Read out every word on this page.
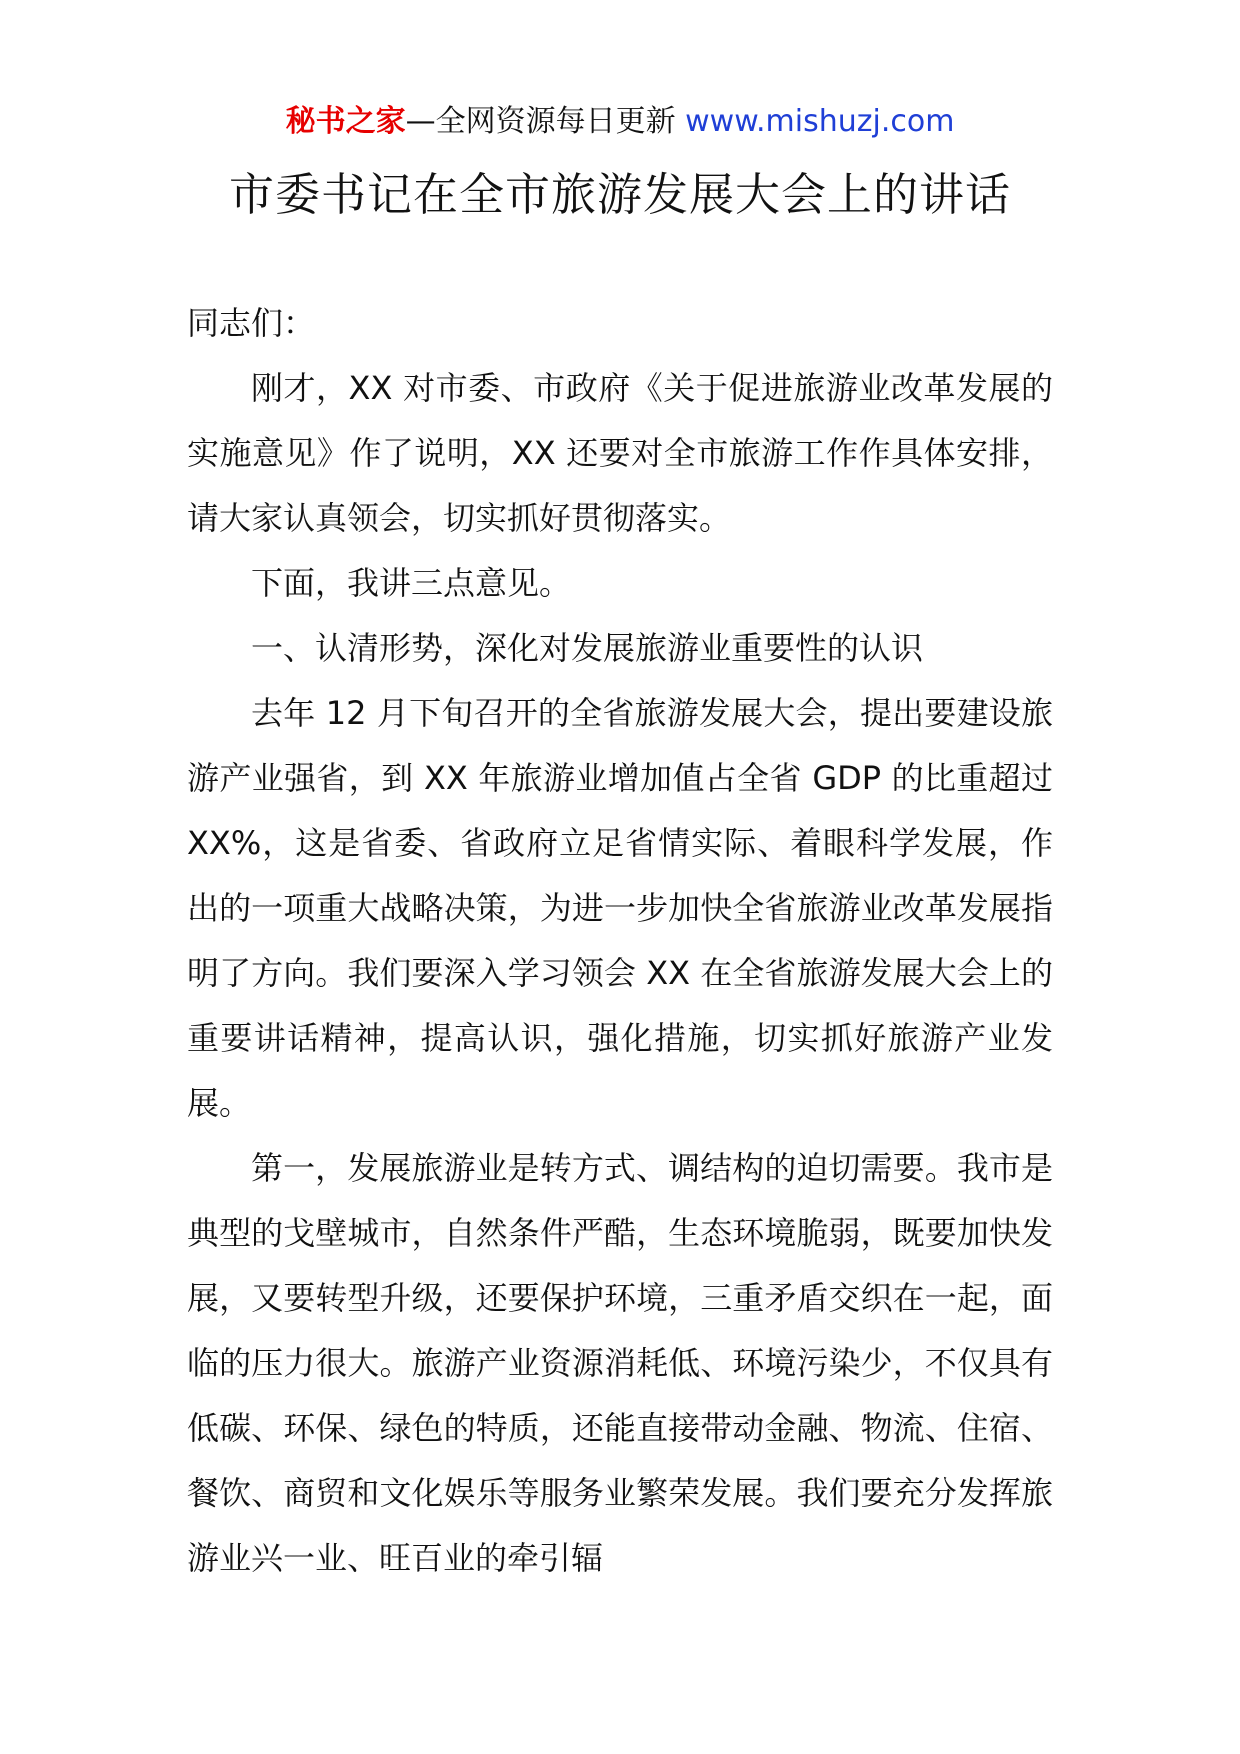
秘书之家—全网资源每日更新 www.mishuzj.com
市委书记在全市旅游发展大会上的讲话

同志们：

刚才，XX 对市委、市政府《关于促进旅游业改革发展的实施意见》作了说明，XX 还要对全市旅游工作作具体安排，请大家认真领会，切实抓好贯彻落实。

下面，我讲三点意见。

一、认清形势，深化对发展旅游业重要性的认识

去年 12 月下旬召开的全省旅游发展大会，提出要建设旅游产业强省，到 XX 年旅游业增加值占全省 GDP 的比重超过 XX%，这是省委、省政府立足省情实际、着眼科学发展，作出的一项重大战略决策，为进一步加快全省旅游业改革发展指明了方向。我们要深入学习领会 XX 在全省旅游发展大会上的重要讲话精神，提高认识，强化措施，切实抓好旅游产业发展。

第一，发展旅游业是转方式、调结构的迫切需要。我市是典型的戈壁城市，自然条件严酷，生态环境脆弱，既要加快发展，又要转型升级，还要保护环境，三重矛盾交织在一起，面临的压力很大。旅游产业资源消耗低、环境污染少，不仅具有低碳、环保、绿色的特质，还能直接带动金融、物流、住宿、餐饮、商贸和文化娱乐等服务业繁荣发展。我们要充分发挥旅游业兴一业、旺百业的牵引辐
